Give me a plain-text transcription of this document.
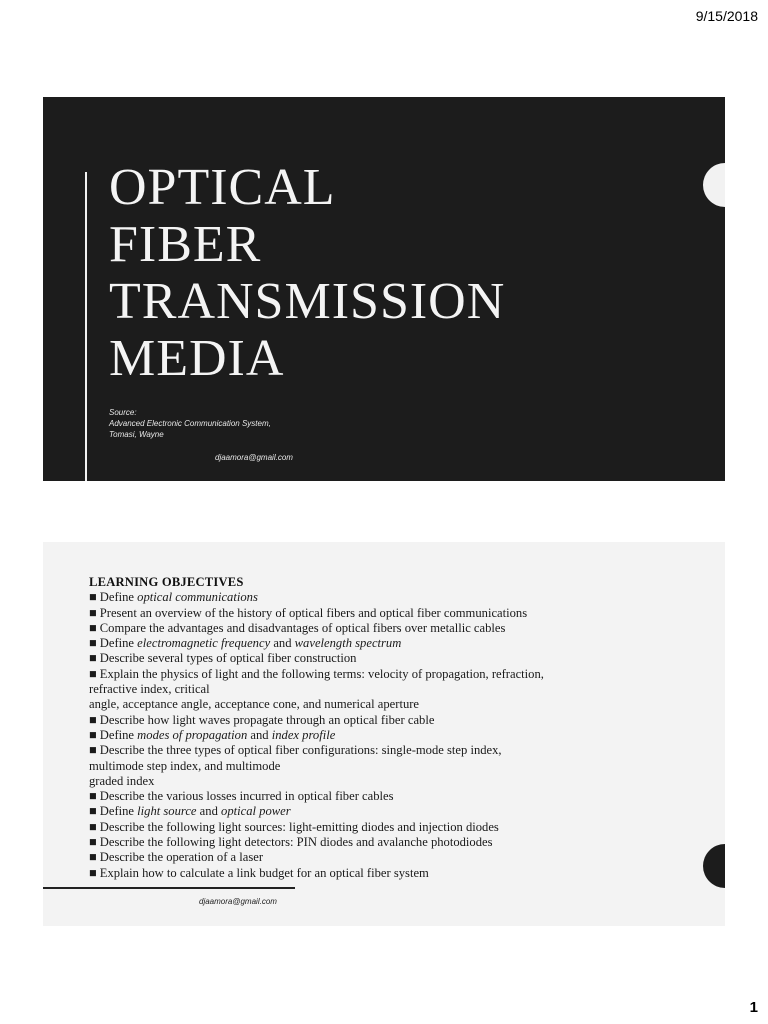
9/15/2018
OPTICAL
FIBER
TRANSMISSION
MEDIA
Source:
Advanced Electronic Communication System,
Tomasi, Wayne
djaamora@gmail.com
LEARNING OBJECTIVES
■ Define optical communications
■ Present an overview of the history of optical fibers and optical fiber communications
■ Compare the advantages and disadvantages of optical fibers over metallic cables
■ Define electromagnetic frequency and wavelength spectrum
■ Describe several types of optical fiber construction
■ Explain the physics of light and the following terms: velocity of propagation, refraction,
refractive index, critical
angle, acceptance angle, acceptance cone, and numerical aperture
■ Describe how light waves propagate through an optical fiber cable
■ Define modes of propagation and index profile
■ Describe the three types of optical fiber configurations: single-mode step index,
multimode step index, and multimode
graded index
■ Describe the various losses incurred in optical fiber cables
■ Define light source and optical power
■ Describe the following light sources: light-emitting diodes and injection diodes
■ Describe the following light detectors: PIN diodes and avalanche photodiodes
■ Describe the operation of a laser
■ Explain how to calculate a link budget for an optical fiber system
djaamora@gmail.com
1
